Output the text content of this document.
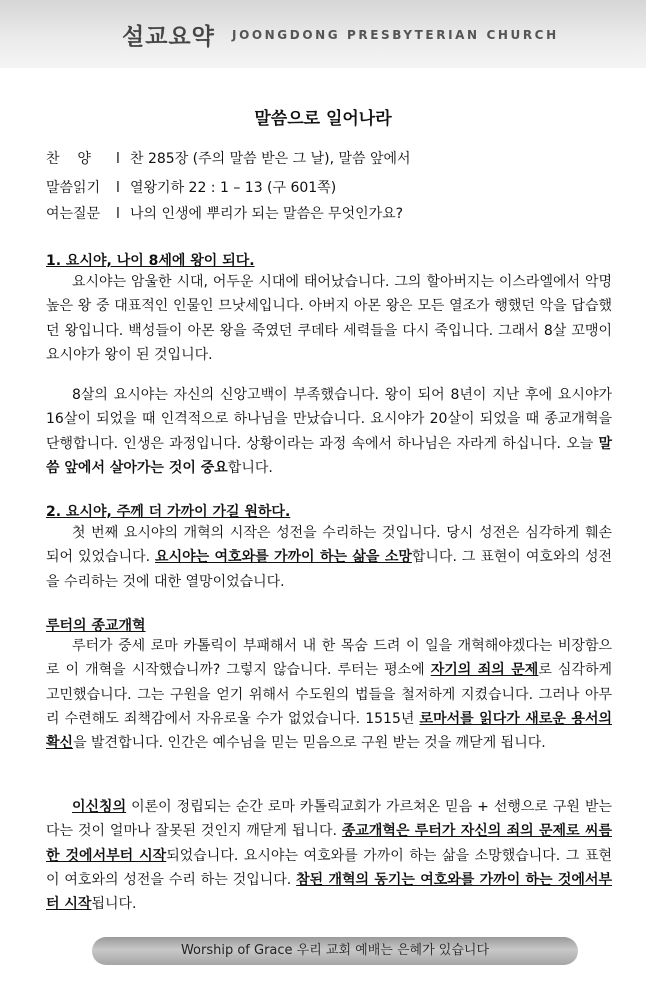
설교요약 JOONGDONG PRESBYTERIAN CHURCH
말씀으로 일어나라
찬    양 l 찬 285장 (주의 말씀 받은 그 날), 말씀 앞에서
말씀읽기 l 열왕기하 22 : 1 – 13 (구 601쪽)
여는질문 l 나의 인생에 뿌리가 되는 말씀은 무엇인가요?
1. 요시야, 나이 8세에 왕이 되다.

요시야는 암울한 시대, 어두운 시대에 태어났습니다. 그의 할아버지는 이스라엘에서 악명 높은 왕 중 대표적인 인물인 므낫세입니다. 아버지 아몬 왕은 모든 열조가 행했던 악을 답습했던 왕입니다. 백성들이 아몬 왕을 죽였던 쿠데타 세력들을 다시 죽입니다. 그래서 8살 꼬맹이 요시야가 왕이 된 것입니다.

8살의 요시야는 자신의 신앙고백이 부족했습니다. 왕이 되어 8년이 지난 후에 요시야가 16살이 되었을 때 인격적으로 하나님을 만났습니다. 요시야가 20살이 되었을 때 종교개혁을 단행합니다. 인생은 과정입니다. 상황이라는 과정 속에서 하나님은 자라게 하십니다. 오늘 말씀 앞에서 살아가는 것이 중요합니다.

2. 요시야, 주께 더 가까이 가길 원하다.

첫 번째 요시야의 개혁의 시작은 성전을 수리하는 것입니다. 당시 성전은 심각하게 훼손되어 있었습니다. 요시야는 여호와를 가까이 하는 삶을 소망합니다. 그 표현이 여호와의 성전을 수리하는 것에 대한 열망이었습니다.

루터의 종교개혁

루터가 중세 로마 카톨릭이 부패해서 내 한 목숨 드려 이 일을 개혁해야겠다는 비장함으로 이 개혁을 시작했습니까? 그렇지 않습니다. 루터는 평소에 자기의 죄의 문제로 심각하게 고민했습니다. 그는 구원을 얻기 위해서 수도원의 법들을 철저하게 지켰습니다. 그러나 아무리 수련해도 죄책감에서 자유로울 수가 없었습니다. 1515년 로마서를 읽다가 새로운 용서의 확신을 발견합니다. 인간은 예수님을 믿는 믿음으로 구원 받는 것을 깨닫게 됩니다.

이신칭의 이론이 정립되는 순간 로마 카톨릭교회가 가르쳐온 믿음 + 선행으로 구원 받는다는 것이 얼마나 잘못된 것인지 깨닫게 됩니다. 종교개혁은 루터가 자신의 죄의 문제로 씨름한 것에서부터 시작되었습니다. 요시야는 여호와를 가까이 하는 삶을 소망했습니다. 그 표현이 여호와의 성전을 수리 하는 것입니다. 참된 개혁의 동기는 여호와를 가까이 하는 것에서부터 시작됩니다.

Worship of Grace 우리 교회 예배는 은혜가 있습니다
